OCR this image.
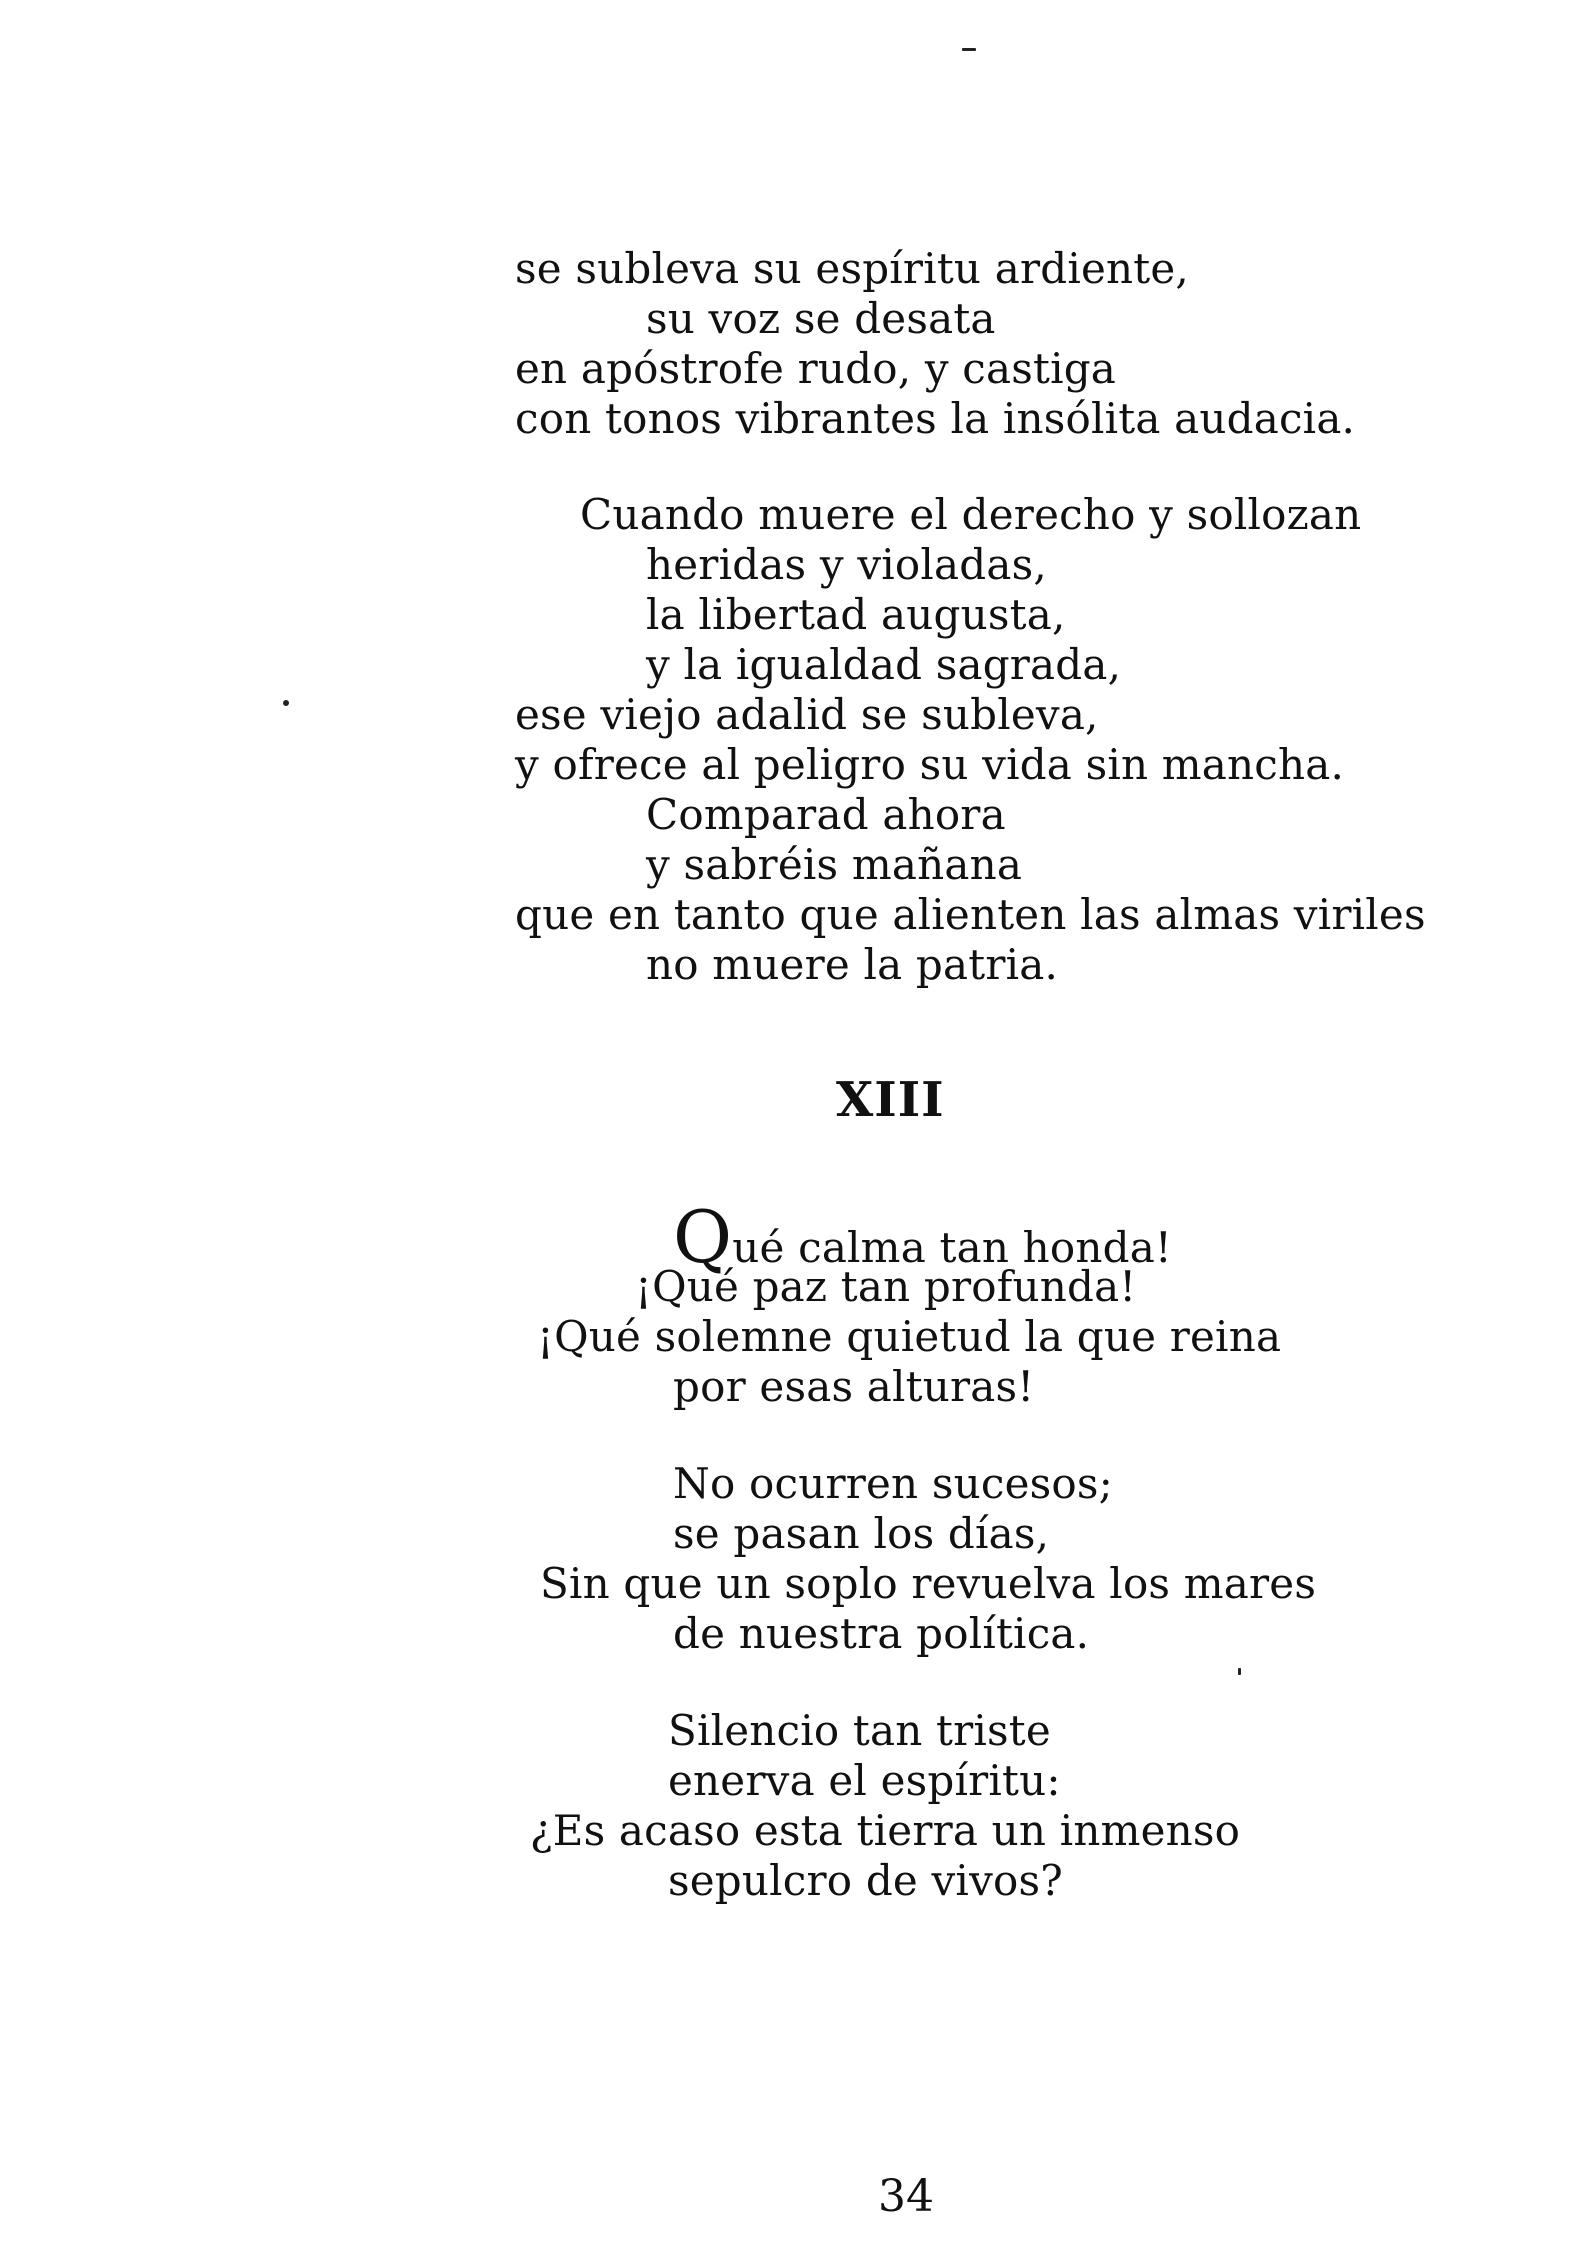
se subleva su espíritu ardiente,
su voz se desata
en apóstrofe rudo, y castiga
con tonos vibrantes la insólita audacia.
Cuando muere el derecho y sollozan
heridas y violadas,
la libertad augusta,
y la igualdad sagrada,
ese viejo adalid se subleva,
y ofrece al peligro su vida sin mancha.
Comparad ahora
y sabréis mañana
que en tanto que alienten las almas viriles
no muere la patria.
XIII
Qué calma tan honda!
¡Qué paz tan profunda!
¡Qué solemne quietud la que reina
por esas alturas!
No ocurren sucesos;
se pasan los días,
Sin que un soplo revuelva los mares
de nuestra política.
Silencio tan triste
enerva el espíritu:
¿Es acaso esta tierra un inmenso
sepulcro de vivos?
34
